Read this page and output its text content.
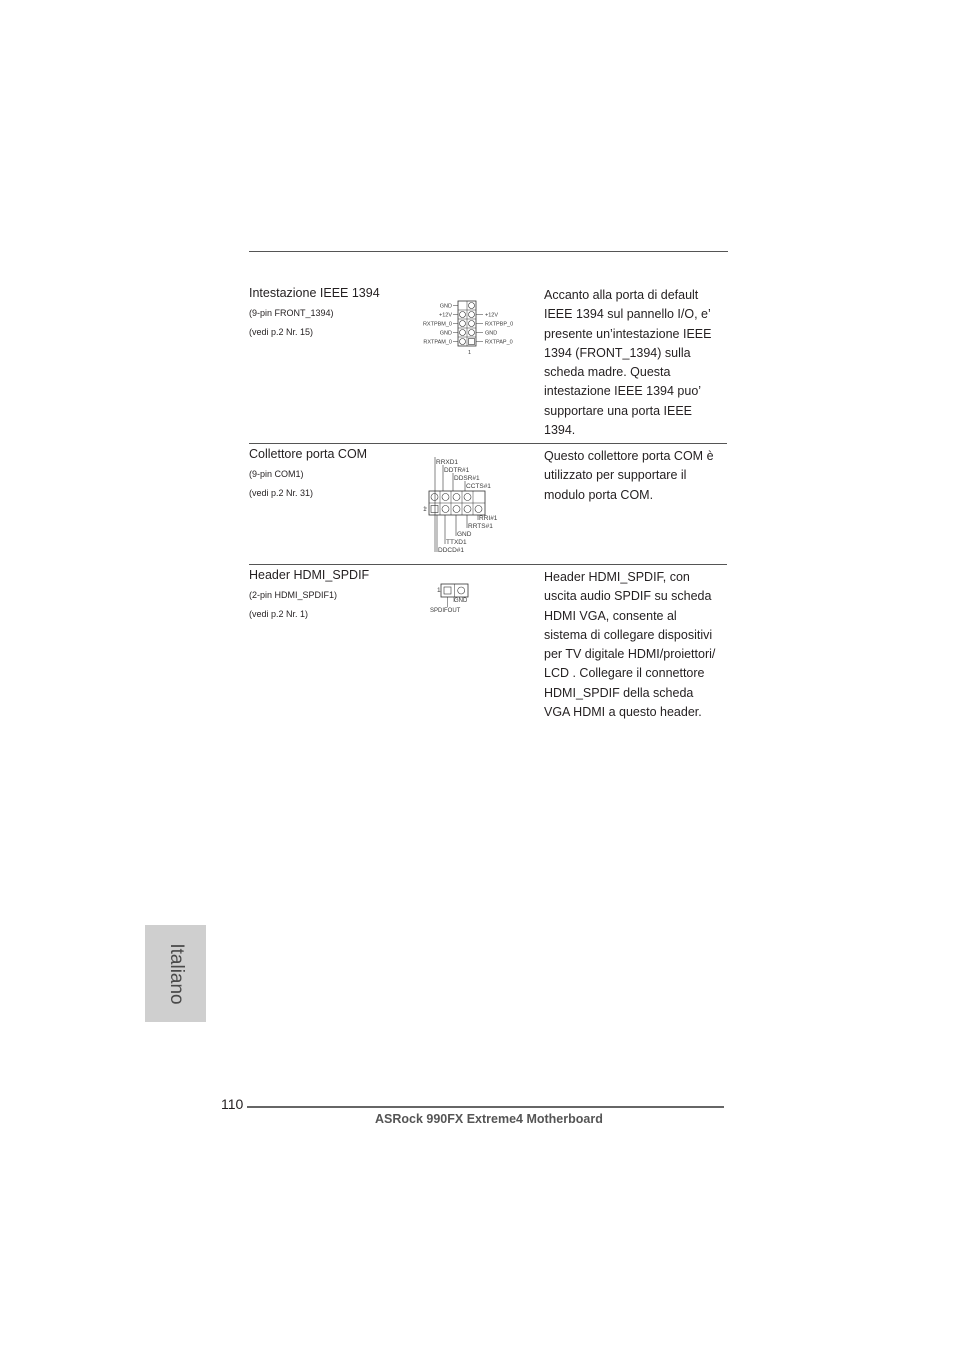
Intestazione IEEE 1394
(9-pin FRONT_1394)
(vedi p.2 Nr. 15)
Accanto alla porta di default
IEEE 1394 sul pannello I/O, e’
presente un’intestazione IEEE
1394 (FRONT_1394) sulla
scheda madre. Questa
intestazione IEEE 1394 puo’
supportare una porta IEEE
1394.
GND
+12V
RXTPBM_0
GND
RXTPAM_0
+12V
RXTPBP_0
GND
RXTPAP_0
1
Collettore porta COM
(9-pin COM1)
(vedi p.2 Nr. 31)
Questo collettore porta COM è
utilizzato per supportare il
modulo porta COM.
RRXD1
DDTR#1
DDSR#1
CCTS#1
RRI#1
RRTS#1
GND
TTXD1
DDCD#1
1
Header HDMI_SPDIF
(2-pin HDMI_SPDIF1)
(vedi p.2 Nr. 1)
Header HDMI_SPDIF, con
uscita audio SPDIF su scheda
HDMI VGA, consente al
sistema di collegare dispositivi
per TV digitale HDMI/proiettori/
LCD . Collegare il connettore
HDMI_SPDIF della scheda
VGA HDMI a questo header.
GND
SPDIFOUT
1
Italiano
110
ASRock 990FX Extreme4 Motherboard
